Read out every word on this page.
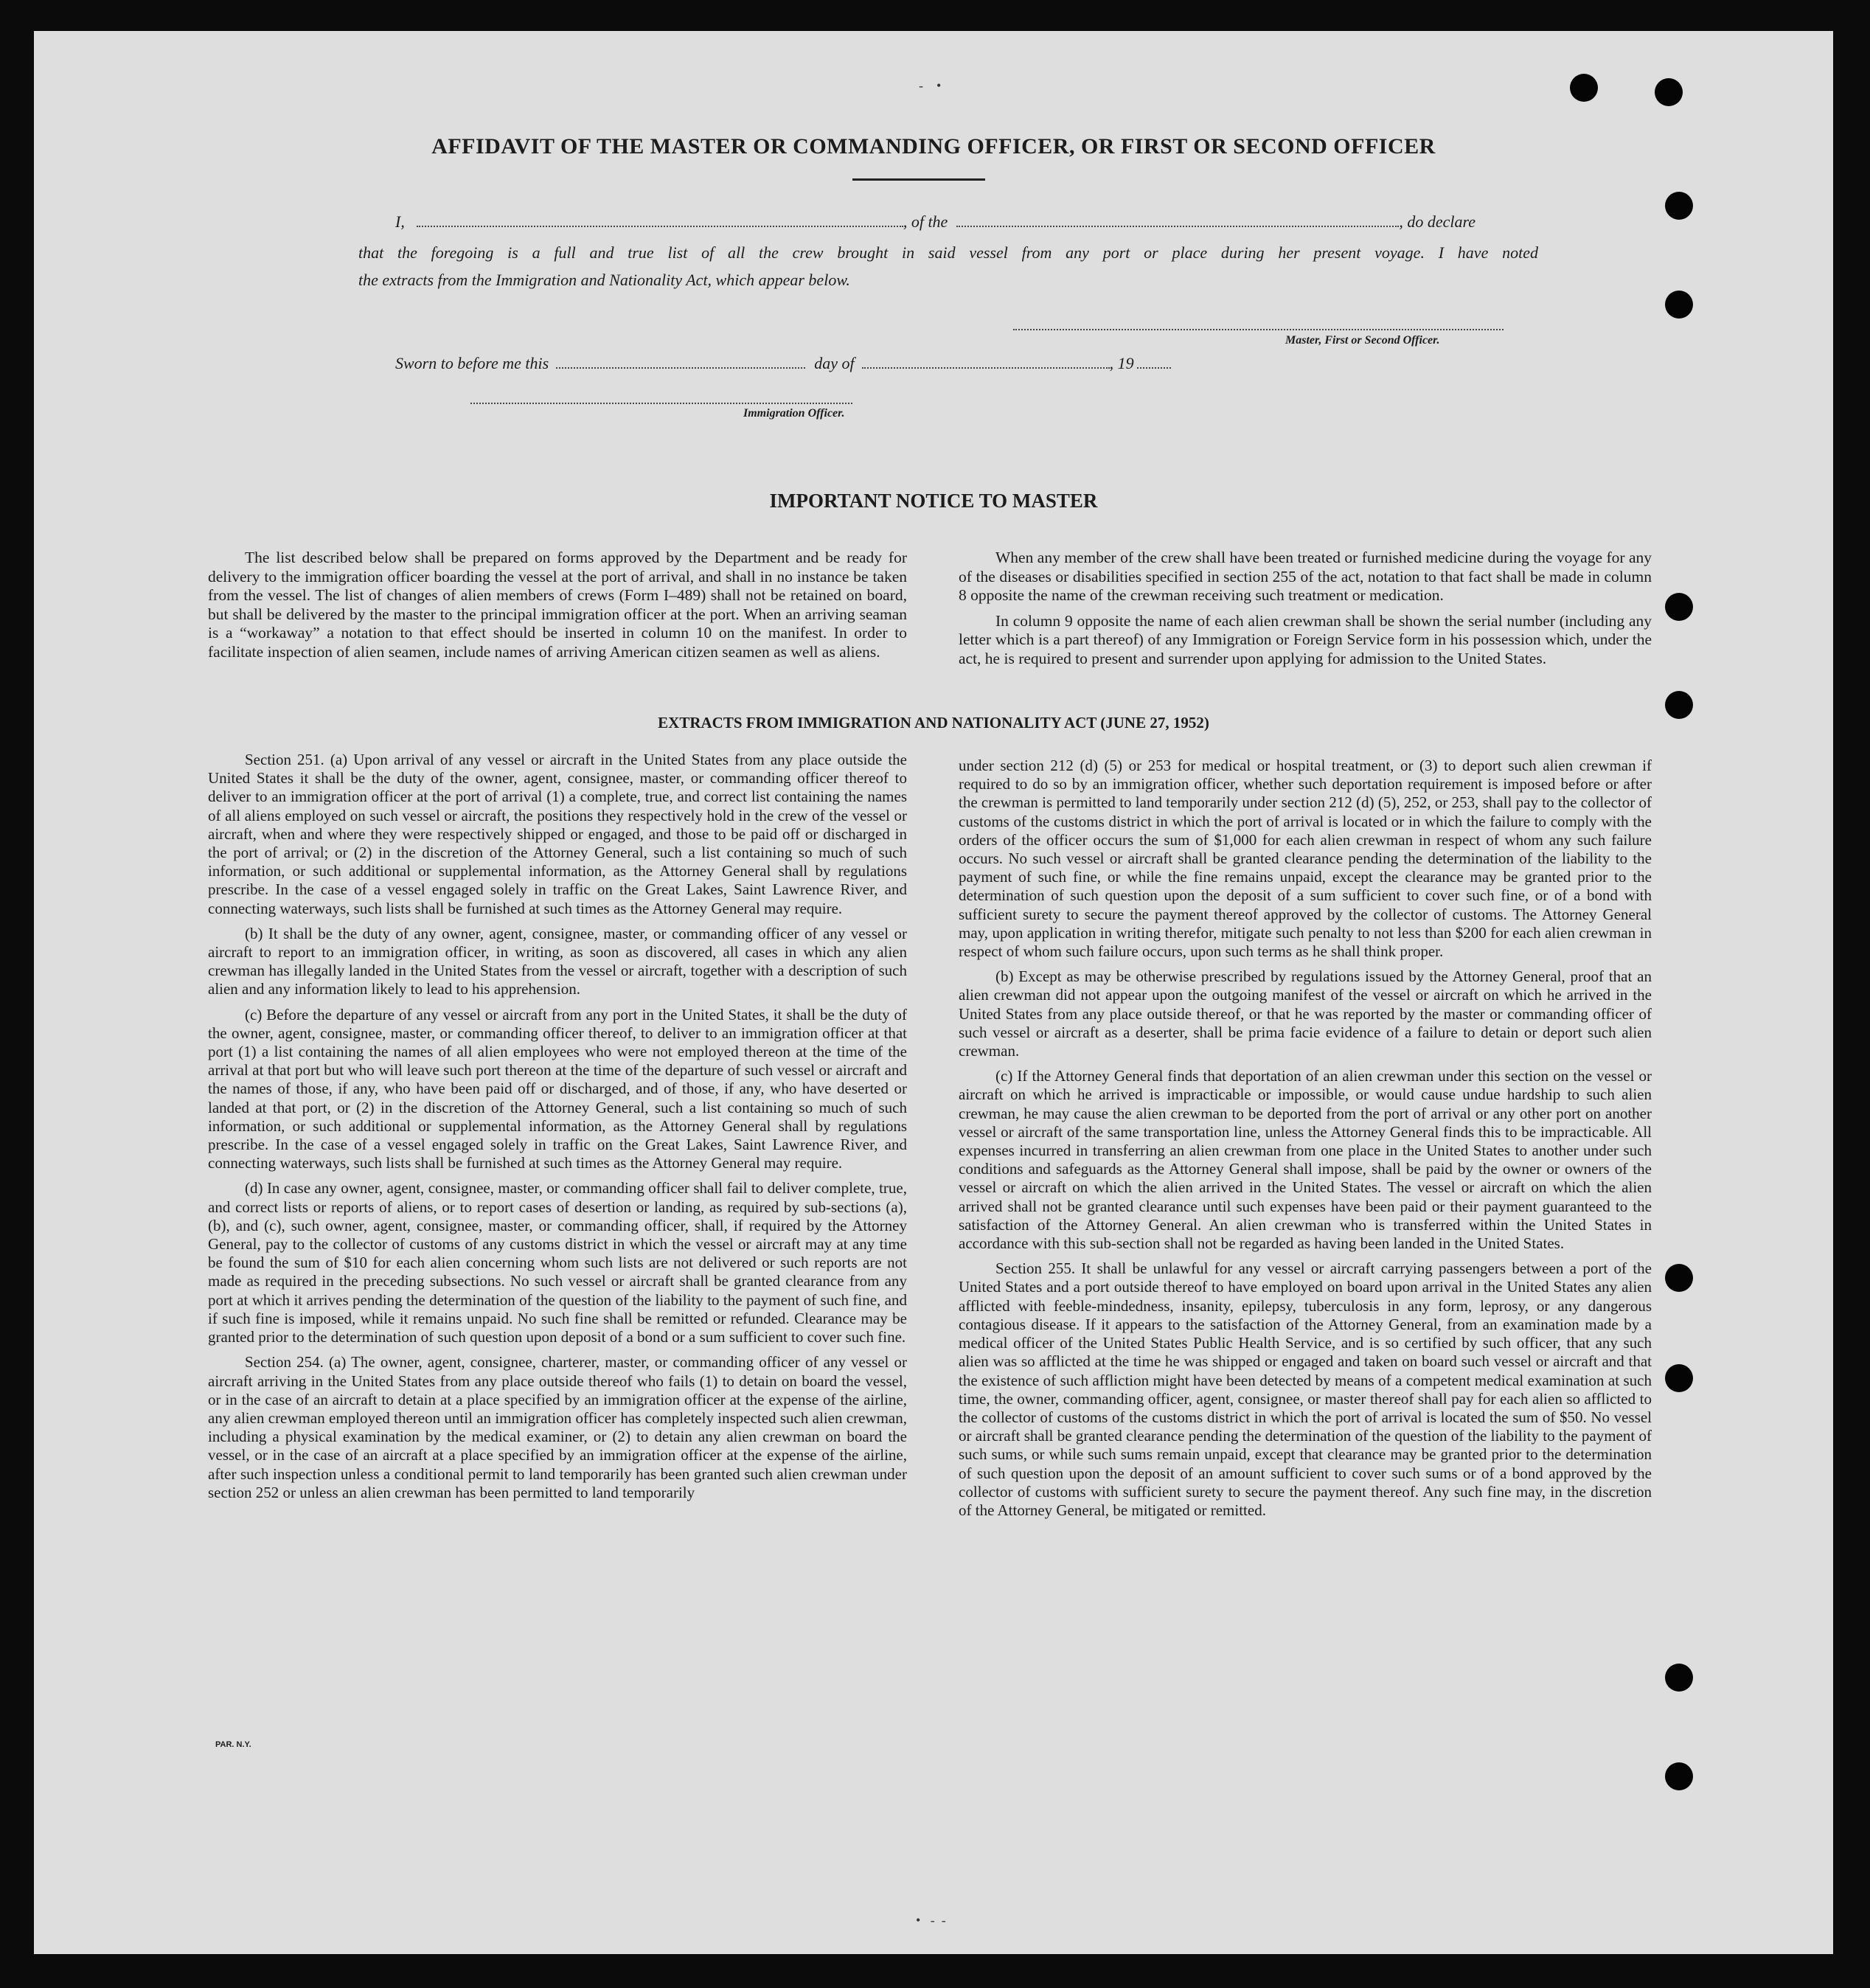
-    •
•   -  -
AFFIDAVIT OF THE MASTER OR COMMANDING OFFICER, OR FIRST OR SECOND OFFICER
I,	, of the	, do declare
that the foregoing is a full and true list of all the crew brought in said vessel from any port or place during her present voyage. I have noted
the extracts from the Immigration and Nationality Act, which appear below.
Master, First or Second Officer.
Sworn to before me this	day of	, 19
Immigration Officer.
IMPORTANT NOTICE TO MASTER

The list described below shall be prepared on forms approved by the Department and be ready for delivery to the immigration officer boarding the vessel at the port of arrival, and shall in no instance be taken from the vessel. The list of changes of alien members of crews (Form I–489) shall not be retained on board, but shall be delivered by the master to the principal immigration officer at the port. When an arriving seaman is a “workaway” a notation to that effect should be inserted in column 10 on the manifest. In order to facilitate inspection of alien seamen, include names of arriving American citizen seamen as well as aliens.

When any member of the crew shall have been treated or furnished medicine during the voyage for any of the diseases or disabilities specified in section 255 of the act, notation to that fact shall be made in column 8 opposite the name of the crewman receiving such treatment or medication.

In column 9 opposite the name of each alien crewman shall be shown the serial number (including any letter which is a part thereof) of any Immigration or Foreign Service form in his possession which, under the act, he is required to present and surrender upon applying for admission to the United States.

EXTRACTS FROM IMMIGRATION AND NATIONALITY ACT (JUNE 27, 1952)

Section 251. (a) Upon arrival of any vessel or aircraft in the United States from any place outside the United States it shall be the duty of the owner, agent, consignee, master, or commanding officer thereof to deliver to an immigration officer at the port of arrival (1) a complete, true, and correct list containing the names of all aliens employed on such vessel or aircraft, the positions they respectively hold in the crew of the vessel or aircraft, when and where they were respectively shipped or engaged, and those to be paid off or discharged in the port of arrival; or (2) in the discretion of the Attorney General, such a list containing so much of such information, or such additional or supplemental information, as the Attorney General shall by regulations prescribe. In the case of a vessel engaged solely in traffic on the Great Lakes, Saint Lawrence River, and connecting waterways, such lists shall be furnished at such times as the Attorney General may require.

(b) It shall be the duty of any owner, agent, consignee, master, or commanding officer of any vessel or aircraft to report to an immigration officer, in writing, as soon as discovered, all cases in which any alien crewman has illegally landed in the United States from the vessel or aircraft, together with a description of such alien and any information likely to lead to his apprehension.

(c) Before the departure of any vessel or aircraft from any port in the United States, it shall be the duty of the owner, agent, consignee, master, or commanding officer thereof, to deliver to an immigration officer at that port (1) a list containing the names of all alien employees who were not employed thereon at the time of the arrival at that port but who will leave such port thereon at the time of the departure of such vessel or aircraft and the names of those, if any, who have been paid off or discharged, and of those, if any, who have deserted or landed at that port, or (2) in the discretion of the Attorney General, such a list containing so much of such information, or such additional or supplemental information, as the Attorney General shall by regulations prescribe. In the case of a vessel engaged solely in traffic on the Great Lakes, Saint Lawrence River, and connecting waterways, such lists shall be furnished at such times as the Attorney General may require.

(d) In case any owner, agent, consignee, master, or commanding officer shall fail to deliver complete, true, and correct lists or reports of aliens, or to report cases of desertion or landing, as required by sub-sections (a), (b), and (c), such owner, agent, consignee, master, or commanding officer, shall, if required by the Attorney General, pay to the collector of customs of any customs district in which the vessel or aircraft may at any time be found the sum of $10 for each alien concerning whom such lists are not delivered or such reports are not made as required in the preceding subsections. No such vessel or aircraft shall be granted clearance from any port at which it arrives pending the determination of the question of the liability to the payment of such fine, and if such fine is imposed, while it remains unpaid. No such fine shall be remitted or refunded. Clearance may be granted prior to the determination of such question upon deposit of a bond or a sum sufficient to cover such fine.

Section 254. (a) The owner, agent, consignee, charterer, master, or commanding officer of any vessel or aircraft arriving in the United States from any place outside thereof who fails (1) to detain on board the vessel, or in the case of an aircraft to detain at a place specified by an immigration officer at the expense of the airline, any alien crewman employed thereon until an immigration officer has completely inspected such alien crewman, including a physical examination by the medical examiner, or (2) to detain any alien crewman on board the vessel, or in the case of an aircraft at a place specified by an immigration officer at the expense of the airline, after such inspection unless a conditional permit to land temporarily has been granted such alien crewman under section 252 or unless an alien crewman has been permitted to land temporarily

under section 212 (d) (5) or 253 for medical or hospital treatment, or (3) to deport such alien crewman if required to do so by an immigration officer, whether such deportation requirement is imposed before or after the crewman is permitted to land temporarily under section 212 (d) (5), 252, or 253, shall pay to the collector of customs of the customs district in which the port of arrival is located or in which the failure to comply with the orders of the officer occurs the sum of $1,000 for each alien crewman in respect of whom any such failure occurs. No such vessel or aircraft shall be granted clearance pending the determination of the liability to the payment of such fine, or while the fine remains unpaid, except the clearance may be granted prior to the determination of such question upon the deposit of a sum sufficient to cover such fine, or of a bond with sufficient surety to secure the payment thereof approved by the collector of customs. The Attorney General may, upon application in writing therefor, mitigate such penalty to not less than $200 for each alien crewman in respect of whom such failure occurs, upon such terms as he shall think proper.

(b) Except as may be otherwise prescribed by regulations issued by the Attorney General, proof that an alien crewman did not appear upon the outgoing manifest of the vessel or aircraft on which he arrived in the United States from any place outside thereof, or that he was reported by the master or commanding officer of such vessel or aircraft as a deserter, shall be prima facie evidence of a failure to detain or deport such alien crewman.

(c) If the Attorney General finds that deportation of an alien crewman under this section on the vessel or aircraft on which he arrived is impracticable or impossible, or would cause undue hardship to such alien crewman, he may cause the alien crewman to be deported from the port of arrival or any other port on another vessel or aircraft of the same transportation line, unless the Attorney General finds this to be impracticable. All expenses incurred in transferring an alien crewman from one place in the United States to another under such conditions and safeguards as the Attorney General shall impose, shall be paid by the owner or owners of the vessel or aircraft on which the alien arrived in the United States. The vessel or aircraft on which the alien arrived shall not be granted clearance until such expenses have been paid or their payment guaranteed to the satisfaction of the Attorney General. An alien crewman who is transferred within the United States in accordance with this sub-section shall not be regarded as having been landed in the United States.

Section 255. It shall be unlawful for any vessel or aircraft carrying passengers between a port of the United States and a port outside thereof to have employed on board upon arrival in the United States any alien afflicted with feeble-mindedness, insanity, epilepsy, tuberculosis in any form, leprosy, or any dangerous contagious disease. If it appears to the satisfaction of the Attorney General, from an examination made by a medical officer of the United States Public Health Service, and is so certified by such officer, that any such alien was so afflicted at the time he was shipped or engaged and taken on board such vessel or aircraft and that the existence of such affliction might have been detected by means of a competent medical examination at such time, the owner, commanding officer, agent, consignee, or master thereof shall pay for each alien so afflicted to the collector of customs of the customs district in which the port of arrival is located the sum of $50. No vessel or aircraft shall be granted clearance pending the determination of the question of the liability to the payment of such sums, or while such sums remain unpaid, except that clearance may be granted prior to the determination of such question upon the deposit of an amount sufficient to cover such sums or of a bond approved by the collector of customs with sufficient surety to secure the payment thereof. Any such fine may, in the discretion of the Attorney General, be mitigated or remitted.

PAR. N.Y.
